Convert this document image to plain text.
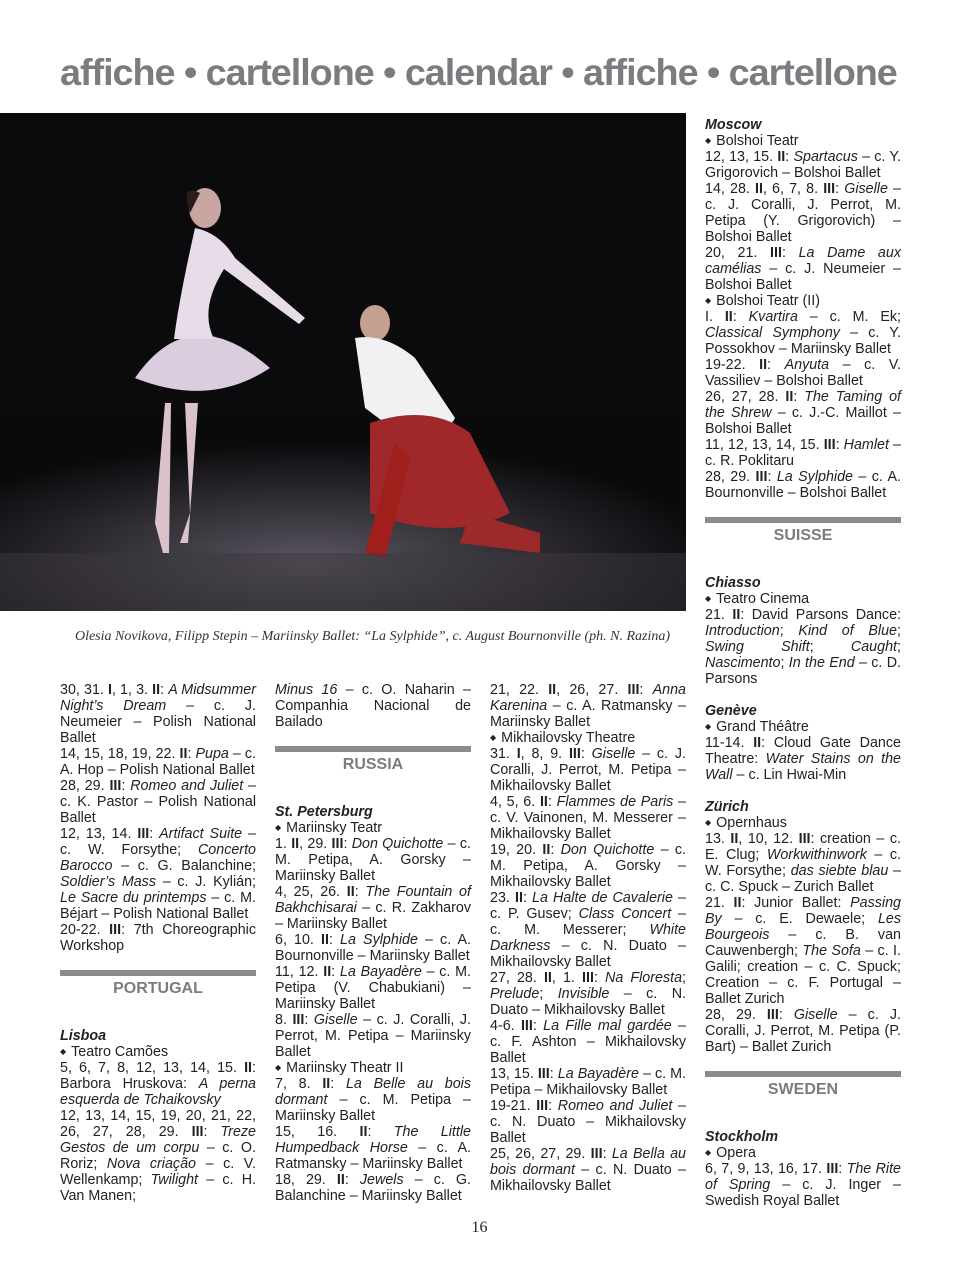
affiche • cartellone • calendar • affiche • cartellone
Olesia Novikova, Filipp Stepin – Mariinsky Ballet: “La Sylphide”, c. August Bournonville (ph. N. Razina)

Moscow

◆ Bolshoi Teatr

12, 13, 15. II: Spartacus – c. Y. Grigorovich – Bolshoi Ballet

14, 28. II, 6, 7, 8. III: Giselle – c. J. Coralli, J. Perrot, M. Petipa (Y. Grigorovich) – Bolshoi Ballet

20, 21. III: La Dame aux camélias – c. J. Neumeier – Bolshoi Ballet

◆ Bolshoi Teatr (II)

I. II: Kvartira – c. M. Ek; Classical Symphony – c. Y. Possokhov – Mariinsky Ballet

19-22. II: Anyuta – c. V. Vassiliev – Bolshoi Ballet

26, 27, 28. II: The Taming of the Shrew – c. J.-C. Maillot – Bolshoi Ballet

11, 12, 13, 14, 15. III: Hamlet – c. R. Poklitaru

28, 29. III: La Sylphide – c. A. Bournonville – Bolshoi Ballet

SUISSE

Chiasso

◆ Teatro Cinema

21. II: David Parsons Dance: Introduction; Kind of Blue; Swing Shift; Caught; Nascimento; In the End – c. D. Parsons

Genève

◆ Grand Théâtre

11-14. II: Cloud Gate Dance Theatre: Water Stains on the Wall – c. Lin Hwai-Min

Zürich

◆ Opernhaus

13. II, 10, 12. III: creation – c. E. Clug; Workwithinwork – c. W. Forsythe; das siebte blau – c. C. Spuck – Zurich Ballet

21. II: Junior Ballet: Passing By – c. E. Dewaele; Les Bourgeois – c. B. van Cauwenbergh; The Sofa – c. I. Galili; creation – c. C. Spuck; Creation – c. F. Portugal – Ballet Zurich

28, 29. III: Giselle – c. J. Coralli, J. Perrot, M. Petipa (P. Bart) – Ballet Zurich

SWEDEN

Stockholm

◆ Opera

6, 7, 9, 13, 16, 17. III: The Rite of Spring – c. J. Inger – Swedish Royal Ballet

30, 31. I, 1, 3. II: A Midsummer Night’s Dream – c. J. Neumeier – Polish National Ballet

14, 15, 18, 19, 22. II: Pupa – c. A. Hop – Polish National Ballet

28, 29. III: Romeo and Juliet – c. K. Pastor – Polish National Ballet

12, 13, 14. III: Artifact Suite – c. W. Forsythe; Concerto Barocco – c. G. Balanchine; Soldier’s Mass – c. J. Kylián; Le Sacre du printemps – c. M. Béjart – Polish National Ballet

20-22. III: 7th Choreographic Workshop

PORTUGAL

Lisboa

◆ Teatro Camões

5, 6, 7, 8, 12, 13, 14, 15. II: Barbora Hruskova: A perna esquerda de Tchaikovsky

12, 13, 14, 15, 19, 20, 21, 22, 26, 27, 28, 29. III: Treze Gestos de um corpu – c. O. Roriz; Nova criação – c. V. Wellenkamp; Twilight – c. H. Van Manen;

Minus 16 – c. O. Naharin – Companhia Nacional de Bailado

RUSSIA

St. Petersburg

◆ Mariinsky Teatr

1. II, 29. III: Don Quichotte – c. M. Petipa, A. Gorsky – Mariinsky Ballet

4, 25, 26. II: The Fountain of Bakhchisarai – c. R. Zakharov – Mariinsky Ballet

6, 10. II: La Sylphide – c. A. Bournonville – Mariinsky Ballet

11, 12. II: La Bayadère – c. M. Petipa (V. Chabukiani) – Mariinsky Ballet

8. III: Giselle – c. J. Coralli, J. Perrot, M. Petipa – Mariinsky Ballet

◆ Mariinsky Theatr II

7, 8. II: La Belle au bois dormant – c. M. Petipa – Mariinsky Ballet

15, 16. II: The Little Humpedback Horse – c. A. Ratmansky – Mariinsky Ballet

18, 29. II: Jewels – c. G. Balanchine – Mariinsky Ballet

21, 22. II, 26, 27. III: Anna Karenina – c. A. Ratmansky – Mariinsky Ballet

◆ Mikhailovsky Theatre

31. I, 8, 9. III: Giselle – c. J. Coralli, J. Perrot, M. Petipa – Mikhailovsky Ballet

4, 5, 6. II: Flammes de Paris – c. V. Vainonen, M. Messerer – Mikhailovsky Ballet

19, 20. II: Don Quichotte – c. M. Petipa, A. Gorsky – Mikhailovsky Ballet

23. II: La Halte de Cavalerie – c. P. Gusev; Class Concert – c. M. Messerer; White Darkness – c. N. Duato – Mikhailovsky Ballet

27, 28. II, 1. III: Na Floresta; Prelude; Invisible – c. N. Duato – Mikhailovsky Ballet

4-6. III: La Fille mal gardée – c. F. Ashton – Mikhailovsky Ballet

13, 15. III: La Bayadère – c. M. Petipa – Mikhailovsky Ballet

19-21. III: Romeo and Juliet – c. N. Duato – Mikhailovsky Ballet

25, 26, 27, 29. III: La Bella au bois dormant – c. N. Duato – Mikhailovsky Ballet

16
